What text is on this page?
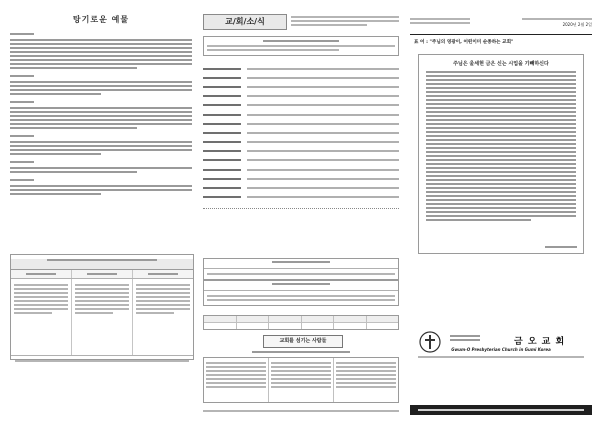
탕기로운 예물	교/회/소/식
교회를 섬기는 사람들
2020년 2월 2일
표 어 : "주님의 영광이, 어떤이미 순종하는 교회"
주님은 울세현 금은 신는 시업을 기빼하신다
금 오 교 회
Gwum-O Presbyterian Church in Gumi Korea
